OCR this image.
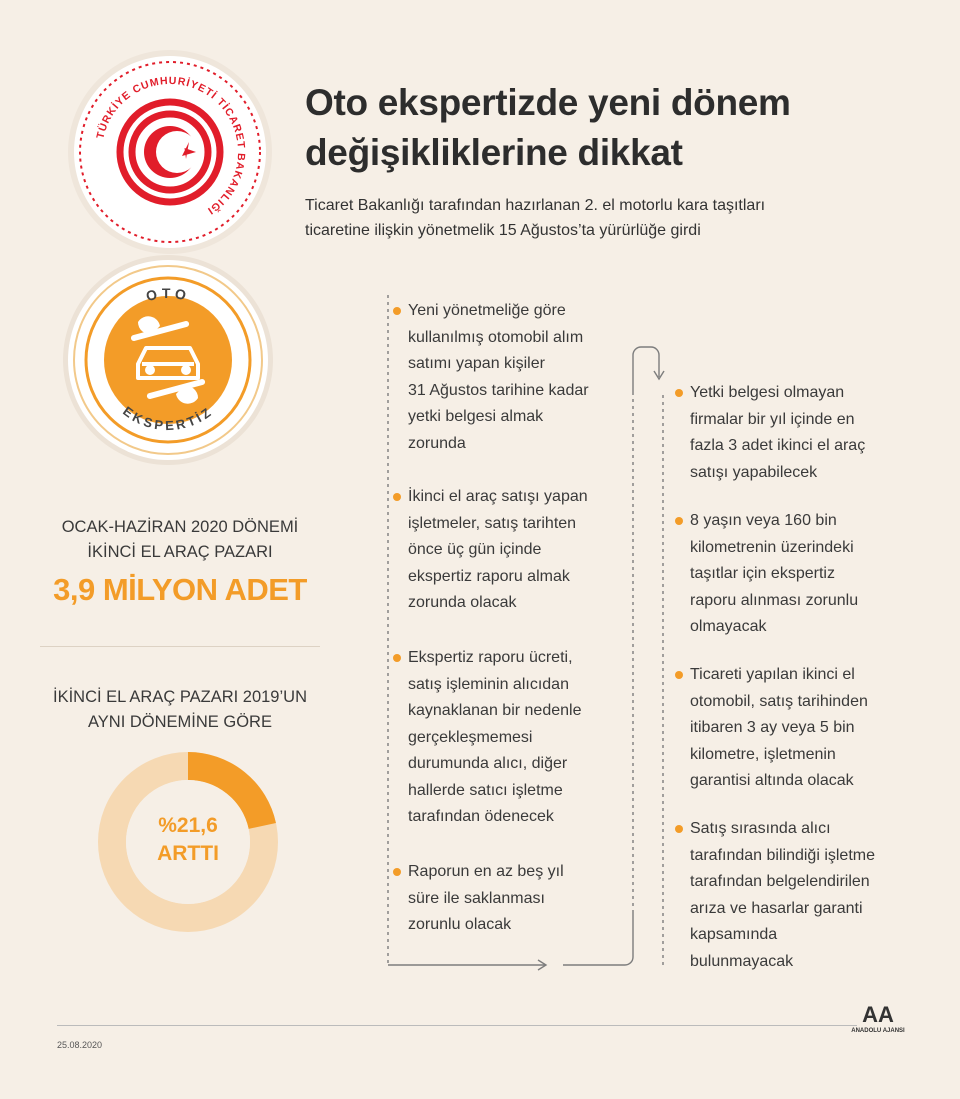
TÜRKİYE CUMHURİYETİ TİCARET BAKANLIĞI
OTO
EKSPERTİZ
Oto ekspertizde yeni dönem
değişikliklerine dikkat
Ticaret Bakanlığı tarafından hazırlanan 2. el motorlu kara taşıtları
ticaretine ilişkin yönetmelik 15 Ağustos’ta yürürlüğe girdi
OCAK-HAZİRAN 2020 DÖNEMİ
İKİNCİ EL ARAÇ PAZARI
3,9 MİLYON ADET
İKİNCİ EL ARAÇ PAZARI 2019’UN
AYNI DÖNEMİNE GÖRE
%21,6
ARTTI
Yeni yönetmeliğe göre
kullanılmış otomobil alım
satımı yapan kişiler
31 Ağustos tarihine kadar
yetki belgesi almak
zorunda
İkinci el araç satışı yapan
işletmeler, satış tarihten
önce üç gün içinde
ekspertiz raporu almak
zorunda olacak
Ekspertiz raporu ücreti,
satış işleminin alıcıdan
kaynaklanan bir nedenle
gerçekleşmemesi
durumunda alıcı, diğer
hallerde satıcı işletme
tarafından ödenecek
Raporun en az beş yıl
süre ile saklanması
zorunlu olacak
Yetki belgesi olmayan
firmalar bir yıl içinde en
fazla 3 adet ikinci el araç
satışı yapabilecek
8 yaşın veya 160 bin
kilometrenin üzerindeki
taşıtlar için ekspertiz
raporu alınması zorunlu
olmayacak
Ticareti yapılan ikinci el
otomobil, satış tarihinden
itibaren 3 ay veya 5 bin
kilometre, işletmenin
garantisi altında olacak
Satış sırasında alıcı
tarafından bilindiği işletme
tarafından belgelendirilen
arıza ve hasarlar garanti
kapsamında
bulunmayacak
25.08.2020
AA
ANADOLU AJANSI
